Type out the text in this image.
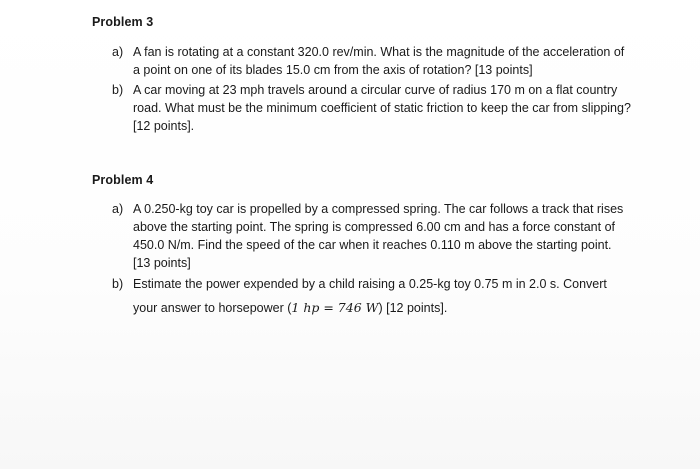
Problem 3
a) A fan is rotating at a constant 320.0 rev/min. What is the magnitude of the acceleration of a point on one of its blades 15.0 cm from the axis of rotation? [13 points]
b) A car moving at 23 mph travels around a circular curve of radius 170 m on a flat country road. What must be the minimum coefficient of static friction to keep the car from slipping? [12 points].
Problem 4
a) A 0.250-kg toy car is propelled by a compressed spring. The car follows a track that rises above the starting point. The spring is compressed 6.00 cm and has a force constant of 450.0 N/m. Find the speed of the car when it reaches 0.110 m above the starting point. [13 points]
b) Estimate the power expended by a child raising a 0.25-kg toy 0.75 m in 2.0 s. Convert your answer to horsepower (1 hp = 746 W) [12 points].
